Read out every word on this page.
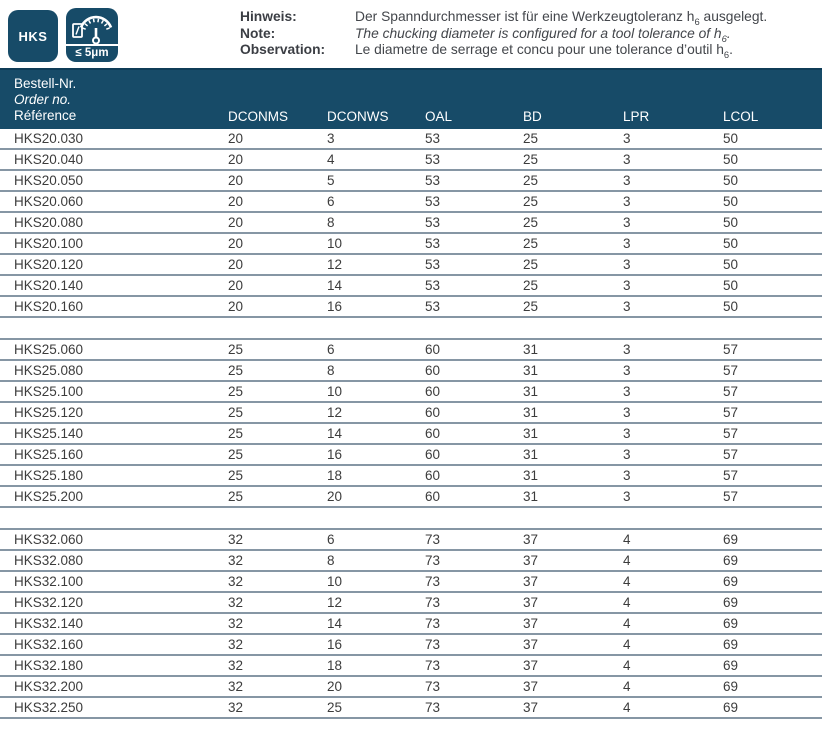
HKS
≤ 5μm
Hinweis:	Der Spanndurchmesser ist für eine Werkzeugtoleranz $h_6$ ausgelegt.
Note:	The chucking diameter is configured for a tool tolerance of $h_6$.
Observation:	Le diametre de serrage et concu pour une tolerance d’outil $h_6$.
Bestell-Nr.
Order no.
Référence	DCONMS	DCONWS	OAL	BD	LPR	LCOL
HKS20.030	20	3	53	25	3	50
HKS20.040	20	4	53	25	3	50
HKS20.050	20	5	53	25	3	50
HKS20.060	20	6	53	25	3	50
HKS20.080	20	8	53	25	3	50
HKS20.100	20	10	53	25	3	50
HKS20.120	20	12	53	25	3	50
HKS20.140	20	14	53	25	3	50
HKS20.160	20	16	53	25	3	50

HKS25.060	25	6	60	31	3	57
HKS25.080	25	8	60	31	3	57
HKS25.100	25	10	60	31	3	57
HKS25.120	25	12	60	31	3	57
HKS25.140	25	14	60	31	3	57
HKS25.160	25	16	60	31	3	57
HKS25.180	25	18	60	31	3	57
HKS25.200	25	20	60	31	3	57

HKS32.060	32	6	73	37	4	69
HKS32.080	32	8	73	37	4	69
HKS32.100	32	10	73	37	4	69
HKS32.120	32	12	73	37	4	69
HKS32.140	32	14	73	37	4	69
HKS32.160	32	16	73	37	4	69
HKS32.180	32	18	73	37	4	69
HKS32.200	32	20	73	37	4	69
HKS32.250	32	25	73	37	4	69
